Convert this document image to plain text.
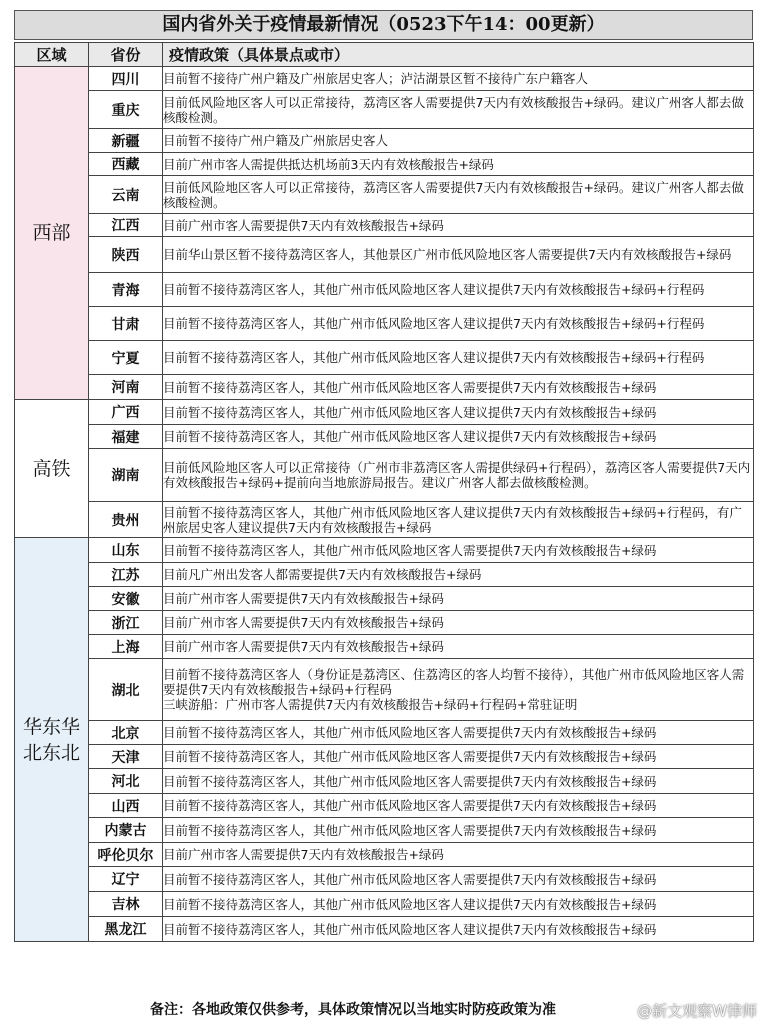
国内省外关于疫情最新情况（0523下午14：00更新）
区域	省份	疫情政策（具体景点或市）
西部	四川	目前暂不接待广州户籍及广州旅居史客人；泸沽湖景区暂不接待广东户籍客人
	重庆	目前低风险地区客人可以正常接待，荔湾区客人需要提供7天内有效核酸报告+绿码。建议广州客人都去做核酸检测。
	新疆	目前暂不接待广州户籍及广州旅居史客人
	西藏	目前广州市客人需提供抵达机场前3天内有效核酸报告+绿码
	云南	目前低风险地区客人可以正常接待，荔湾区客人需要提供7天内有效核酸报告+绿码。建议广州客人都去做核酸检测。
	江西	目前广州市客人需要提供7天内有效核酸报告+绿码
	陕西	目前华山景区暂不接待荔湾区客人，其他景区广州市低风险地区客人需要提供7天内有效核酸报告+绿码
	青海	目前暂不接待荔湾区客人，其他广州市低风险地区客人建议提供7天内有效核酸报告+绿码+行程码
	甘肃	目前暂不接待荔湾区客人，其他广州市低风险地区客人建议提供7天内有效核酸报告+绿码+行程码
	宁夏	目前暂不接待荔湾区客人，其他广州市低风险地区客人建议提供7天内有效核酸报告+绿码+行程码
	河南	目前暂不接待荔湾区客人，其他广州市低风险地区客人需要提供7天内有效核酸报告+绿码
高铁	广西	目前暂不接待荔湾区客人，其他广州市低风险地区客人建议提供7天内有效核酸报告+绿码
	福建	目前暂不接待荔湾区客人，其他广州市低风险地区客人建议提供7天内有效核酸报告+绿码
	湖南	目前低风险地区客人可以正常接待（广州市非荔湾区客人需提供绿码+行程码），荔湾区客人需要提供7天内有效核酸报告+绿码+提前向当地旅游局报告。建议广州客人都去做核酸检测。
	贵州	目前暂不接待荔湾区客人，其他广州市低风险地区客人建议提供7天内有效核酸报告+绿码+行程码，有广州旅居史客人建议提供7天内有效核酸报告+绿码
华东华北东北	山东	目前暂不接待荔湾区客人，其他广州市低风险地区客人需要提供7天内有效核酸报告+绿码
	江苏	目前凡广州出发客人都需要提供7天内有效核酸报告+绿码
	安徽	目前广州市客人需要提供7天内有效核酸报告+绿码
	浙江	目前广州市客人需要提供7天内有效核酸报告+绿码
	上海	目前广州市客人需要提供7天内有效核酸报告+绿码
	湖北	目前暂不接待荔湾区客人（身份证是荔湾区、住荔湾区的客人均暂不接待），其他广州市低风险地区客人需要提供7天内有效核酸报告+绿码+行程码
三峡游船：广州市客人需提供7天内有效核酸报告+绿码+行程码+常驻证明
	北京	目前暂不接待荔湾区客人，其他广州市低风险地区客人需要提供7天内有效核酸报告+绿码
	天津	目前暂不接待荔湾区客人，其他广州市低风险地区客人需要提供7天内有效核酸报告+绿码
	河北	目前暂不接待荔湾区客人，其他广州市低风险地区客人需要提供7天内有效核酸报告+绿码
	山西	目前暂不接待荔湾区客人，其他广州市低风险地区客人需要提供7天内有效核酸报告+绿码
	内蒙古	目前暂不接待荔湾区客人，其他广州市低风险地区客人需要提供7天内有效核酸报告+绿码
	呼伦贝尔	目前广州市客人需要提供7天内有效核酸报告+绿码
	辽宁	目前暂不接待荔湾区客人，其他广州市低风险地区客人需要提供7天内有效核酸报告+绿码
	吉林	目前暂不接待荔湾区客人，其他广州市低风险地区客人建议提供7天内有效核酸报告+绿码
	黑龙江	目前暂不接待荔湾区客人，其他广州市低风险地区客人建议提供7天内有效核酸报告+绿码
备注：各地政策仅供参考，具体政策情况以当地实时防疫政策为准	@新文观察W律师
